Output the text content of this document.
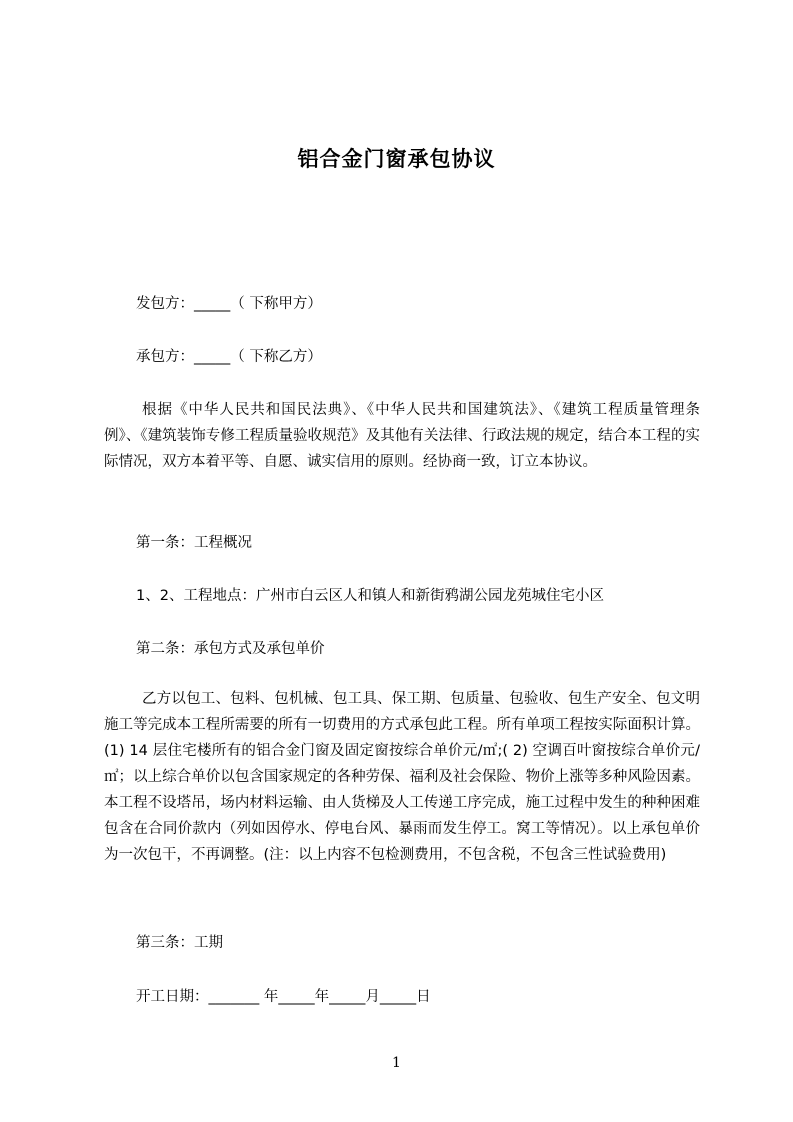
铝合金门窗承包协议
发包方：_____（ 下称甲方）
承包方：_____（ 下称乙方）
根据《中华人民共和国民法典》、《中华人民共和国建筑法》、《建筑工程质量管理条例》、《建筑装饰专修工程质量验收规范》及其他有关法律、行政法规的规定，结合本工程的实际情况，双方本着平等、自愿、诚实信用的原则。经协商一致，订立本协议。
第一条：工程概况
1、2、工程地点：广州市白云区人和镇人和新街鸦湖公园龙苑城住宅小区
第二条：承包方式及承包单价
乙方以包工、包料、包机械、包工具、保工期、包质量、包验收、包生产安全、包文明施工等完成本工程所需要的所有一切费用的方式承包此工程。所有单项工程按实际面积计算。(1) 14 层住宅楼所有的铝合金门窗及固定窗按综合单价元/㎡;( 2) 空调百叶窗按综合单价元/㎡；以上综合单价以包含国家规定的各种劳保、福利及社会保险、物价上涨等多种风险因素。本工程不设塔吊，场内材料运输、由人货梯及人工传递工序完成，施工过程中发生的种种困难包含在合同价款内（列如因停水、停电台风、暴雨而发生停工。窝工等情况）。以上承包单价为一次包干，不再调整。(注：以上内容不包检测费用，不包含税，不包含三性试验费用)
第三条：工期
开工日期：_______ 年_____年_____月_____日
1
